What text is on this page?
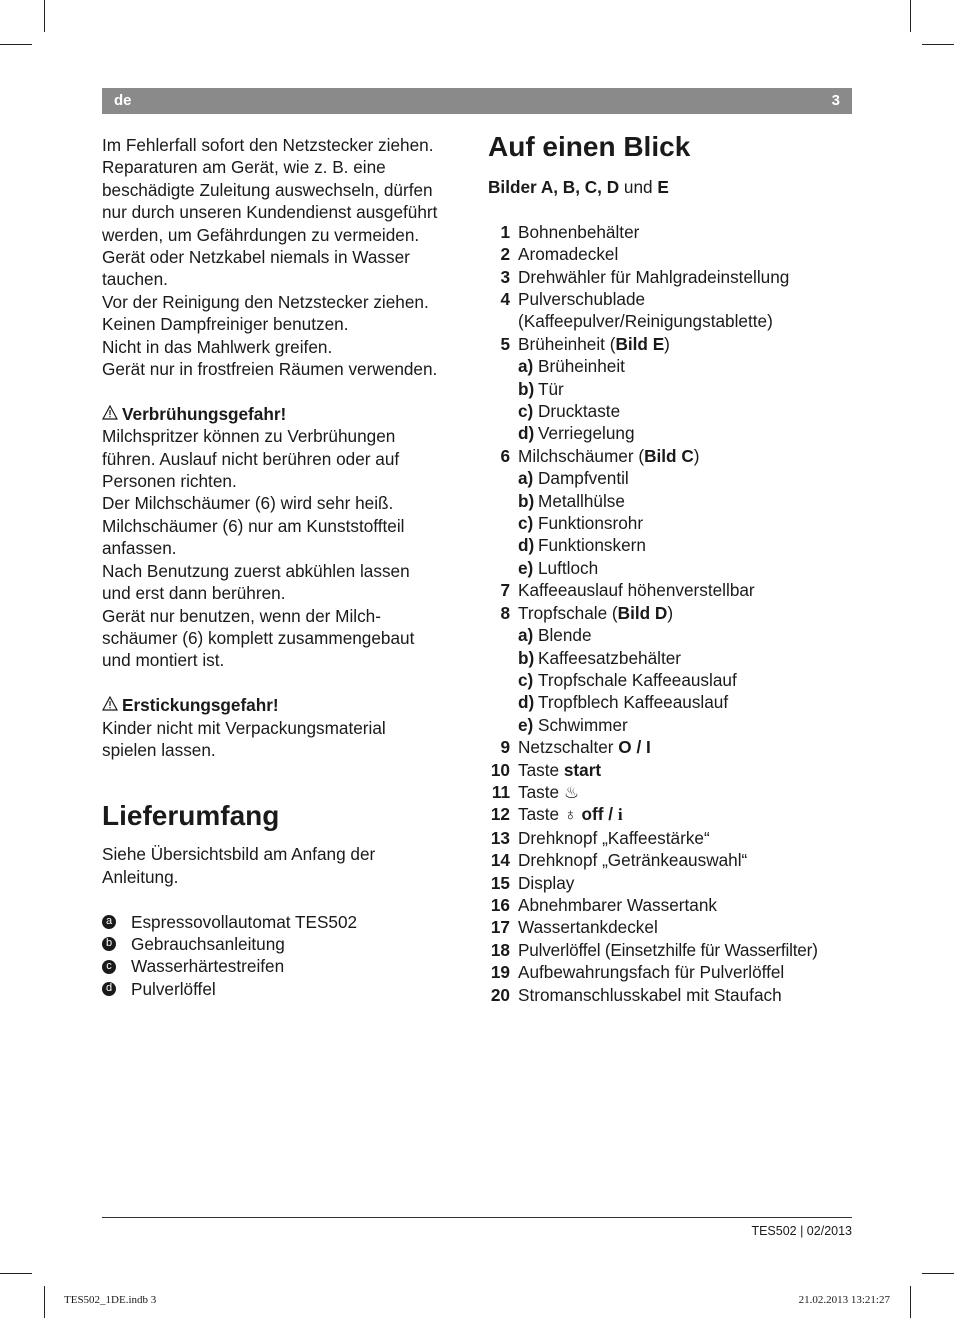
de	3

Im Fehlerfall sofort den Netzstecker ziehen.

Reparaturen am Gerät, wie z. B. eine

beschädigte Zuleitung auswechseln, dürfen

nur durch unseren Kundendienst ausgeführt

werden, um Gefährdungen zu vermeiden.

Gerät oder Netzkabel niemals in Wasser

tauchen.

Vor der Reinigung den Netzstecker ziehen.

Keinen Dampfreiniger benutzen.

Nicht in das Mahlwerk greifen.

Gerät nur in frostfreien Räumen verwenden.

Verbrühungsgefahr!

Milchspritzer können zu Verbrühungen

führen. Auslauf nicht berühren oder auf

Personen richten.

Der Milchschäumer (6) wird sehr heiß.

Milchschäumer (6) nur am Kunststoffteil

anfassen.

Nach Benutzung zuerst abkühlen lassen

und erst dann berühren.

Gerät nur benutzen, wenn der Milch-

schäumer (6) komplett zusammengebaut

und montiert ist.

Erstickungsgefahr!

Kinder nicht mit Verpackungsmaterial

spielen lassen.

Lieferumfang

Siehe Übersichtsbild am Anfang der

Anleitung.

a Espressovollautomat TES502
b Gebrauchsanleitung
c Wasserhärtestreifen
d Pulverlöffel
Auf einen Blick

Bilder A, B, C, D und E

1 Bohnenbehälter
2 Aromadeckel
3 Drehwähler für Mahlgradeinstellung
4 Pulverschublade
(Kaffeepulver/Reinigungstablette)
5 Brüheinheit (Bild E)
a) Brüheinheit
b) Tür
c) Drucktaste
d) Verriegelung
6 Milchschäumer (Bild C)
a) Dampfventil
b) Metallhülse
c) Funktionsrohr
d) Funktionskern
e) Luftloch
7 Kaffeeauslauf höhenverstellbar
8 Tropfschale (Bild D)
a) Blende
b) Kaffeesatzbehälter
c) Tropfschale Kaffeeauslauf
d) Tropfblech Kaffeeauslauf
e) Schwimmer
9 Netzschalter O / I
10 Taste start
11 Taste ♨
12 Taste ♁ off / i
13 Drehknopf „Kaffeestärke“
14 Drehknopf „Getränkeauswahl“
15 Display
16 Abnehmbarer Wassertank
17 Wassertankdeckel
18 Pulverlöffel (Einsetzhilfe für Wasserfilter)
19 Aufbewahrungsfach für Pulverlöffel
20 Stromanschlusskabel mit Staufach
TES502 | 02/2013
TES502_1DE.indb 3	21.02.2013 13:21:27
